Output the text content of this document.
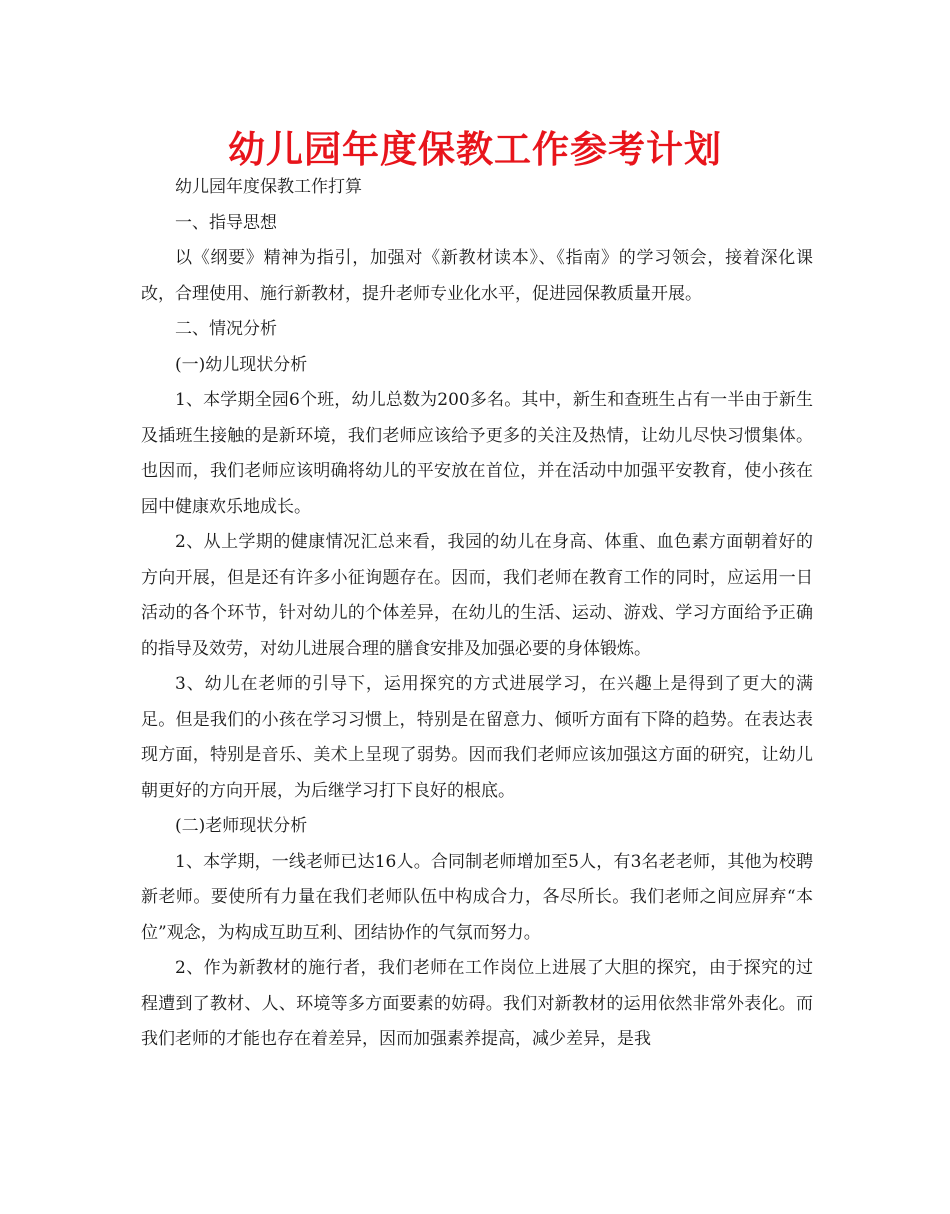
幼儿园年度保教工作参考计划

幼儿园年度保教工作打算

一、指导思想

以《纲要》精神为指引，加强对《新教材读本》、《指南》的学习领会，接着深化课改，合理使用、施行新教材，提升老师专业化水平，促进园保教质量开展。

二、情况分析

(一)幼儿现状分析

1、本学期全园6个班，幼儿总数为200多名。其中，新生和查班生占有一半由于新生及插班生接触的是新环境，我们老师应该给予更多的关注及热情，让幼儿尽快习惯集体。也因而，我们老师应该明确将幼儿的平安放在首位，并在活动中加强平安教育，使小孩在园中健康欢乐地成长。

2、从上学期的健康情况汇总来看，我园的幼儿在身高、体重、血色素方面朝着好的方向开展，但是还有许多小征询题存在。因而，我们老师在教育工作的同时，应运用一日活动的各个环节，针对幼儿的个体差异，在幼儿的生活、运动、游戏、学习方面给予正确的指导及效劳，对幼儿进展合理的膳食安排及加强必要的身体锻炼。

3、幼儿在老师的引导下，运用探究的方式进展学习，在兴趣上是得到了更大的满足。但是我们的小孩在学习习惯上，特别是在留意力、倾听方面有下降的趋势。在表达表现方面，特别是音乐、美术上呈现了弱势。因而我们老师应该加强这方面的研究，让幼儿朝更好的方向开展，为后继学习打下良好的根底。

(二)老师现状分析

1、本学期，一线老师已达16人。合同制老师增加至5人，有3名老老师，其他为校聘新老师。要使所有力量在我们老师队伍中构成合力，各尽所长。我们老师之间应屏弃“本位”观念，为构成互助互利、团结协作的气氛而努力。

2、作为新教材的施行者，我们老师在工作岗位上进展了大胆的探究，由于探究的过程遭到了教材、人、环境等多方面要素的妨碍。我们对新教材的运用依然非常外表化。而我们老师的才能也存在着差异，因而加强素养提高，减少差异，是我
